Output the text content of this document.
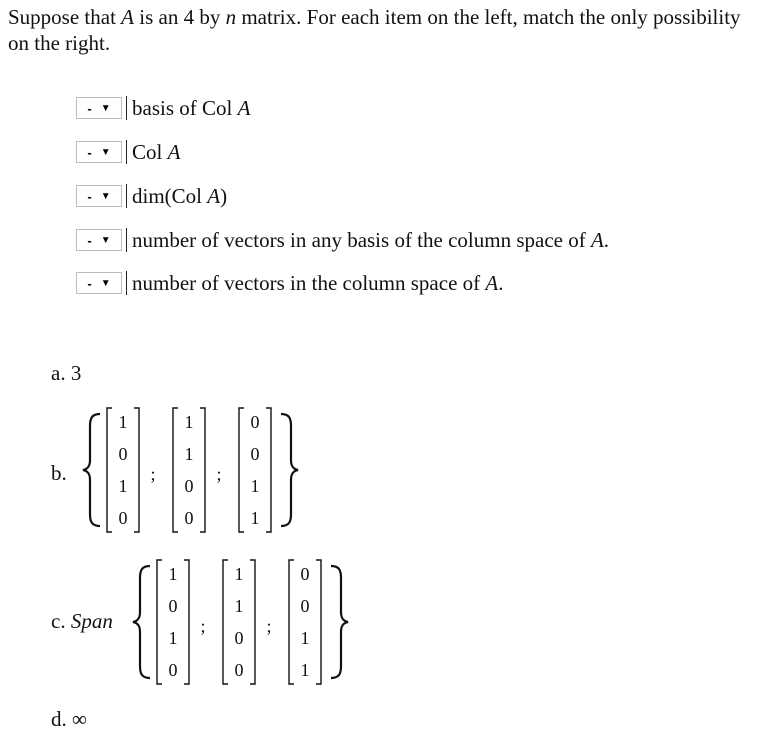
Suppose that A is an 4 by n matrix. For each item on the left, match the only possibility on the right.
- ▼ basis of Col A
- ▼ Col A
- ▼ dim(Col A)
- ▼ number of vectors in any basis of the column space of A.
- ▼ number of vectors in the column space of A.
a. 3
b.
1
0
1
0
;
1
1
0
0
;
0
0
1
1
c. Span
1
0
1
0
;
1
1
0
0
;
0
0
1
1
d. ∞
